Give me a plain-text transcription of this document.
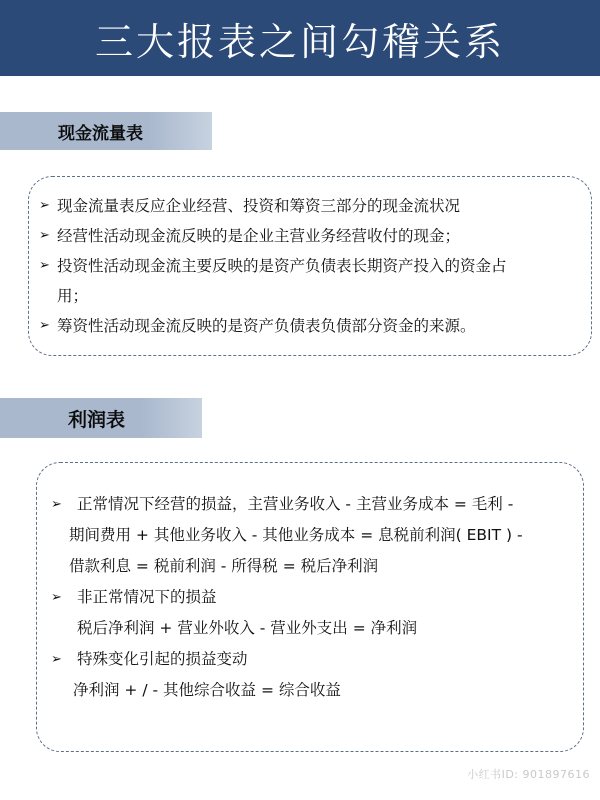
三大报表之间勾稽关系
现金流量表
➢ 现金流量表反应企业经营、投资和筹资三部分的现金流状况
➢ 经营性活动现金流反映的是企业主营业务经营收付的现金；
➢ 投资性活动现金流主要反映的是资产负债表长期资产投入的资金占
用；
➢ 筹资性活动现金流反映的是资产负债表负债部分资金的来源。
利润表
➢ 正常情况下经营的损益，主营业务收入 - 主营业务成本 = 毛利 -
期间费用 + 其他业务收入 - 其他业务成本 = 息税前利润( EBIT ) -
借款利息 = 税前利润 - 所得税 = 税后净利润
➢ 非正常情况下的损益
税后净利润 + 营业外收入 - 营业外支出 = 净利润
➢ 特殊变化引起的损益变动
净利润 + / - 其他综合收益 = 综合收益
小红书ID: 901897616
